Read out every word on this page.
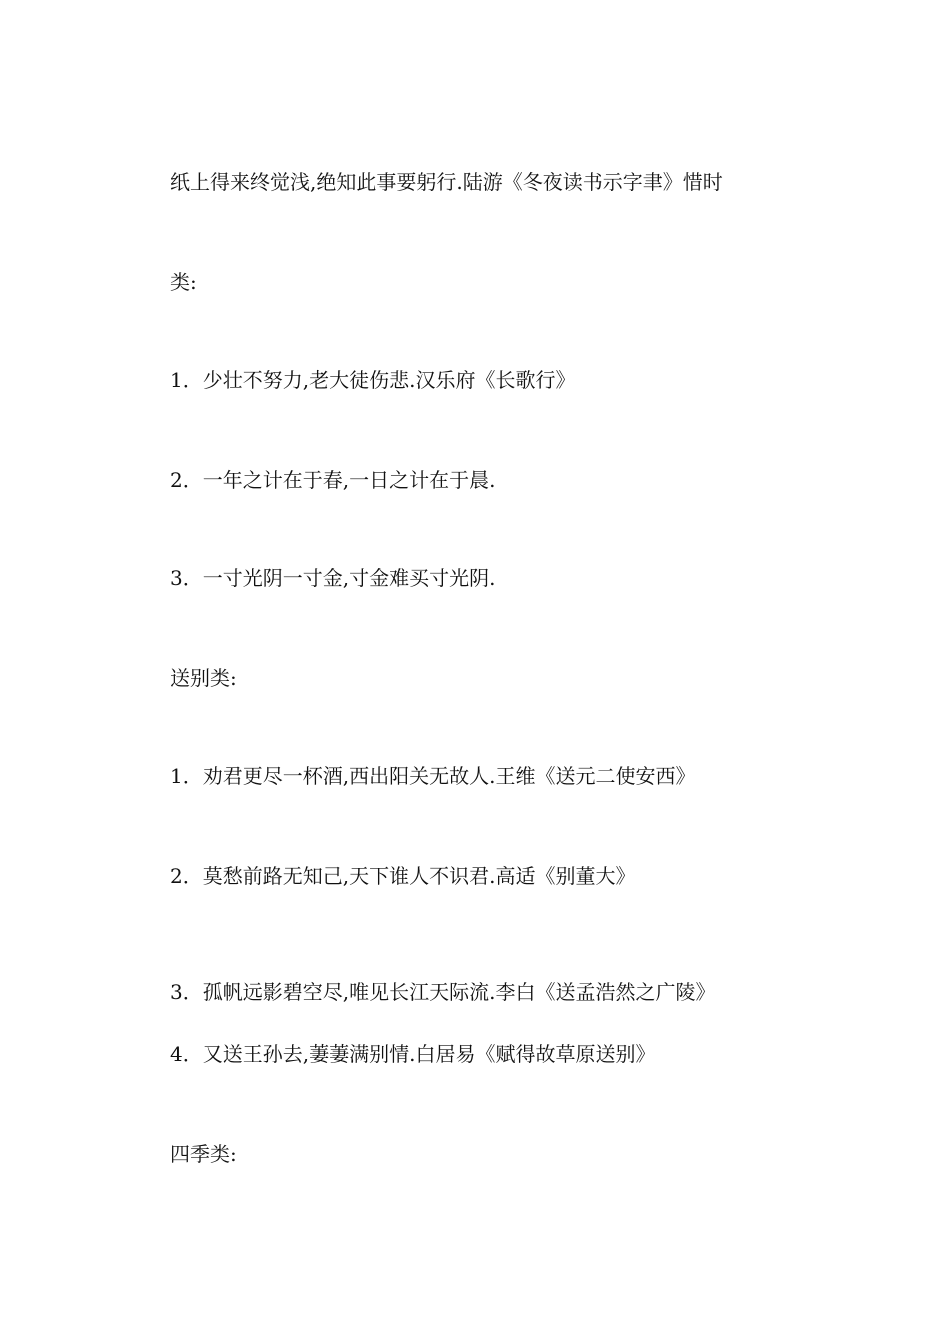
纸上得来终觉浅,绝知此事要躬行.陆游《冬夜读书示字聿》惜时
类:
1．少壮不努力,老大徒伤悲.汉乐府《长歌行》
2．一年之计在于春,一日之计在于晨.
3．一寸光阴一寸金,寸金难买寸光阴.
送别类:
1．劝君更尽一杯酒,西出阳关无故人.王维《送元二使安西》
2．莫愁前路无知己,天下谁人不识君.高适《别董大》
3．孤帆远影碧空尽,唯见长江天际流.李白《送孟浩然之广陵》
4．又送王孙去,萋萋满别情.白居易《赋得故草原送别》
四季类:
